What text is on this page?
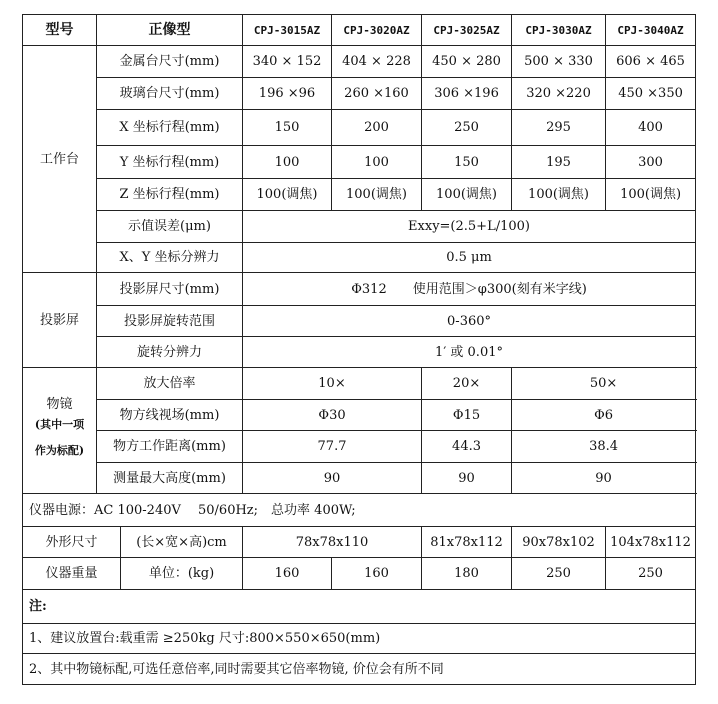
型号	正像型		CPJ-3015AZ	CPJ-3020AZ	CPJ-3025AZ	CPJ-3030AZ	CPJ-3040AZ	
工作台	金属台尺寸(mm)		340 × 152	404 × 228	450 × 280	500 × 330	606 × 465	
	玻璃台尺寸(mm)		196 ×96	260 ×160	306 ×196	320 ×220	450 ×350	
	X 坐标行程(mm)		150	200	250	295	400	
	Y 坐标行程(mm)		100	100	150	195	300	
	Z 坐标行程(mm)		100(调焦)	100(调焦)	100(调焦)	100(调焦)	100(调焦)	
	示值误差(μm)		Exxy=(2.5+L/100)					
	X、Y 坐标分辨力		0.5 μm					
投影屏	投影屏尺寸(mm)		Φ312　　使用范围＞φ300(刻有米字线)					
	投影屏旋转范围		0-360°					
	旋转分辨力		1′ 或 0.01°					
物镜
(其中一项
作为标配)	放大倍率		10×		20×	50×	
	物方线视场(mm)		Φ30		Φ15	Φ6	
	物方工作距离(mm)		77.7		44.3	38.4	
	测量最大高度(mm)		90		90	90	
仪器电源：AC 100-240V　 50/60Hz;　总功率 400W;								
外形尺寸		(长×宽×高)cm	78x78x110		81x78x112	90x78x102	104x78x112	
仪器重量		单位：(kg)	160	160	180	250	250	
注:								
1、建议放置台:载重需 ≥250kg 尺寸:800×550×650(mm)								
2、其中物镜标配,可选任意倍率,同时需要其它倍率物镜, 价位会有所不同								
